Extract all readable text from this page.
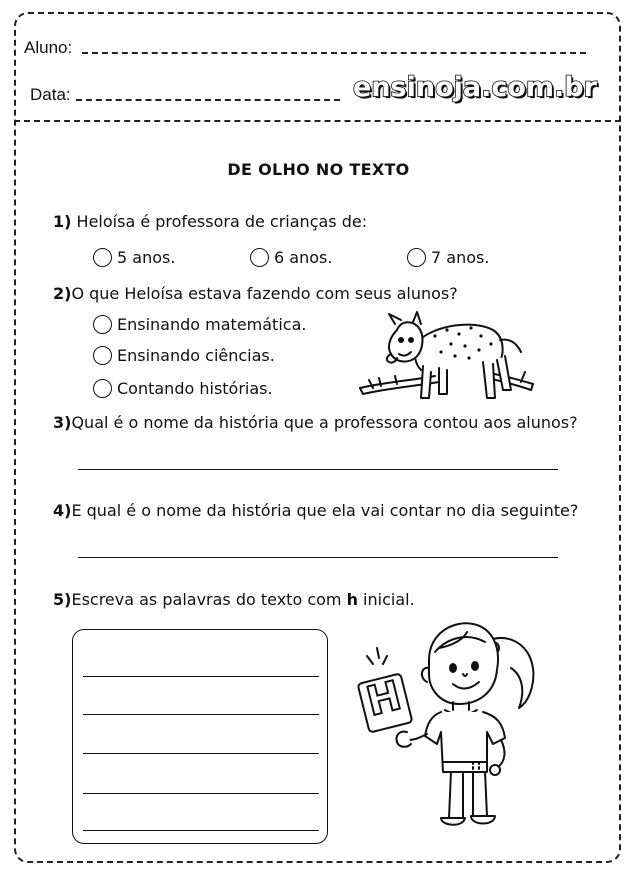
Aluno:
Data:	ensinoja.com.br
DE OLHO NO TEXTO
1) Heloísa é professora de crianças de:
5 anos.	6 anos.	7 anos.
2)O que Heloísa estava fazendo com seus alunos?
Ensinando matemática.
Ensinando ciências.
Contando histórias.
3)Qual é o nome da história que a professora contou aos alunos?
4)E qual é o nome da história que ela vai contar no dia seguinte?
5)Escreva as palavras do texto com h inicial.
H
